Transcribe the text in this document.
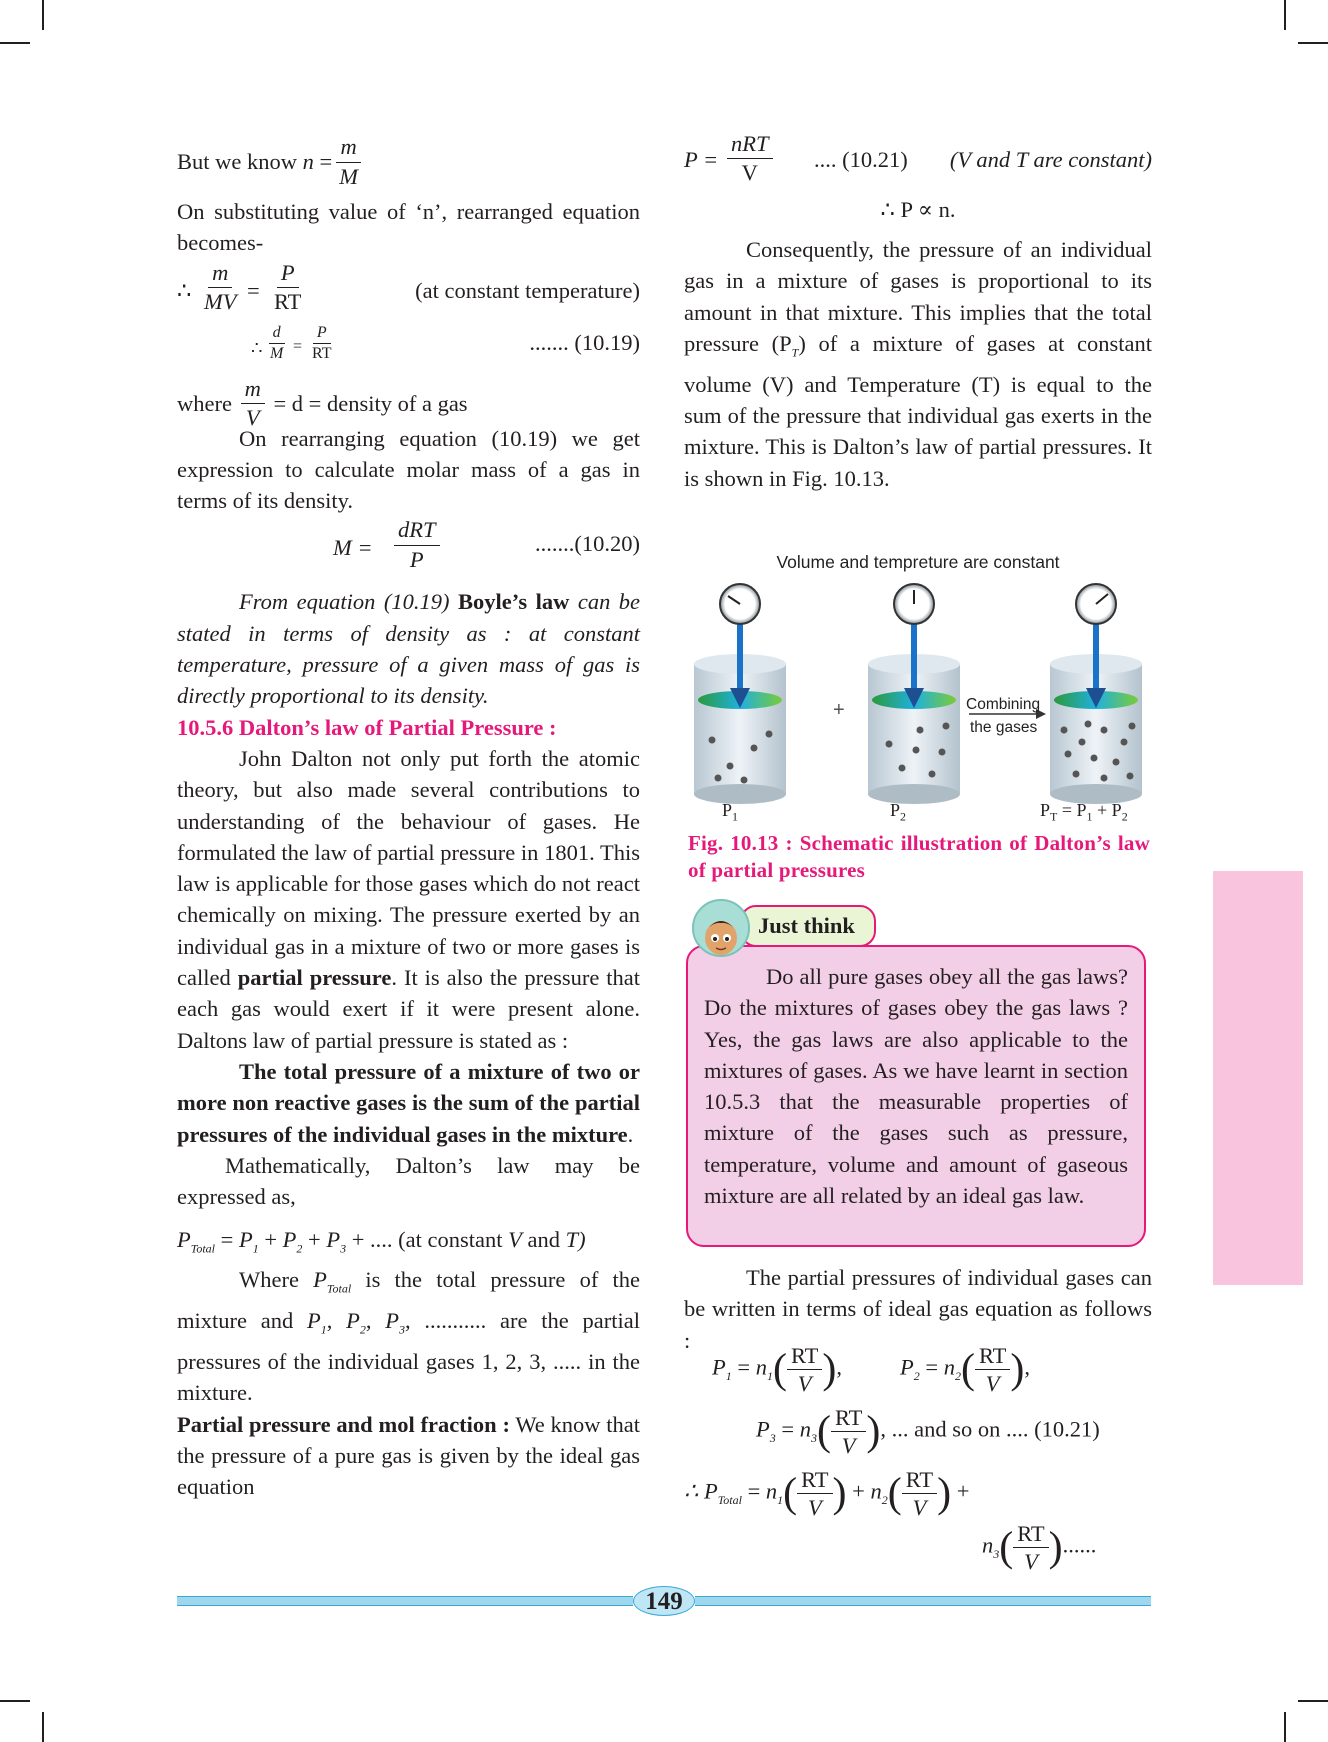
But we know
$n = \frac{m}{M}$

On substituting value of ‘n’, rearranged equation becomes-

∴ $\frac{m}{MV} = \frac{P}{RT}$	(at constant temperature)
∴ $\frac{d}{M} = \frac{P}{RT}$	....... (10.19)
where
$\frac{m}{V}$
= d = density of a gas

On rearranging equation (10.19) we get expression to calculate molar mass of a gas in terms of its density.

M =
dRT
P
.......(10.20)

From equation (10.19) Boyle’s law can be stated in terms of density as : at constant temperature, pressure of a given mass of gas is directly proportional to its density.

10.5.6 Dalton’s law of Partial Pressure :

John Dalton not only put forth the atomic theory, but also made several contributions to understanding of the behaviour of gases. He formulated the law of partial pressure in 1801. This law is applicable for those gases which do not react chemically on mixing. The pressure exerted by an individual gas in a mixture of two or more gases is called partial pressure. It is also the pressure that each gas would exert if it were present alone. Daltons law of partial pressure is stated as :

The total pressure of a mixture of two or more non reactive gases is the sum of the partial pressures of the individual gases in the mixture.

Mathematically, Dalton’s law may be expressed as,

$P_{Total} = P_1 + P_2 + P_3$ + .... (at constant V and T)

Where $P_{Total}$ is the total pressure of the mixture and $P_1$, $P_2$, $P_3$, ........... are the partial pressures of the individual gases 1, 2, 3, ..... in the mixture.

Partial pressure and mol fraction : We know that the pressure of a pure gas is given by the ideal gas equation

P =
nRT
V
.... (10.21) (V and T are constant)
∴ P ∝ n.

Consequently, the pressure of an individual gas in a mixture of gases is proportional to its amount in that mixture. This implies that the total pressure $(P_T)$ of a mixture of gases at constant volume (V) and Temperature (T) is equal to the sum of the pressure that individual gas exerts in the mixture. This is Dalton’s law of partial pressures. It is shown in Fig. 10.13.

Volume and tempreture are constant
+	Combining
the gases
$P_1$	$P_2$	$P_T = P_1 + P_2$
Fig. 10.13 : Schematic illustration of Dalton’s law of partial pressures
Do all pure gases obey all the gas laws? Do the mixtures of gases obey the gas laws ? Yes, the gas laws are also applicable to the mixtures of gases. As we have learnt in section 10.5.3 that the measurable properties of mixture of the gases such as pressure, temperature, volume and amount of gaseous mixture are all related by an ideal gas law.
Just think

The partial pressures of individual gases can be written in terms of ideal gas equation as follows :

$P_1 = n_1( \frac{RT}{V}$ ),	$P_2 = n_2( \frac{RT}{V}$ ),
$P_3 = n_3( \frac{RT}{V}$ ), ... and so on .... (10.21)
∴ $P_{Total} = n_1( \frac{RT}{V}$ ) + $n_2( \frac{RT}{V}$ ) +
$n_3( \frac{RT}{V}$ )......
149
